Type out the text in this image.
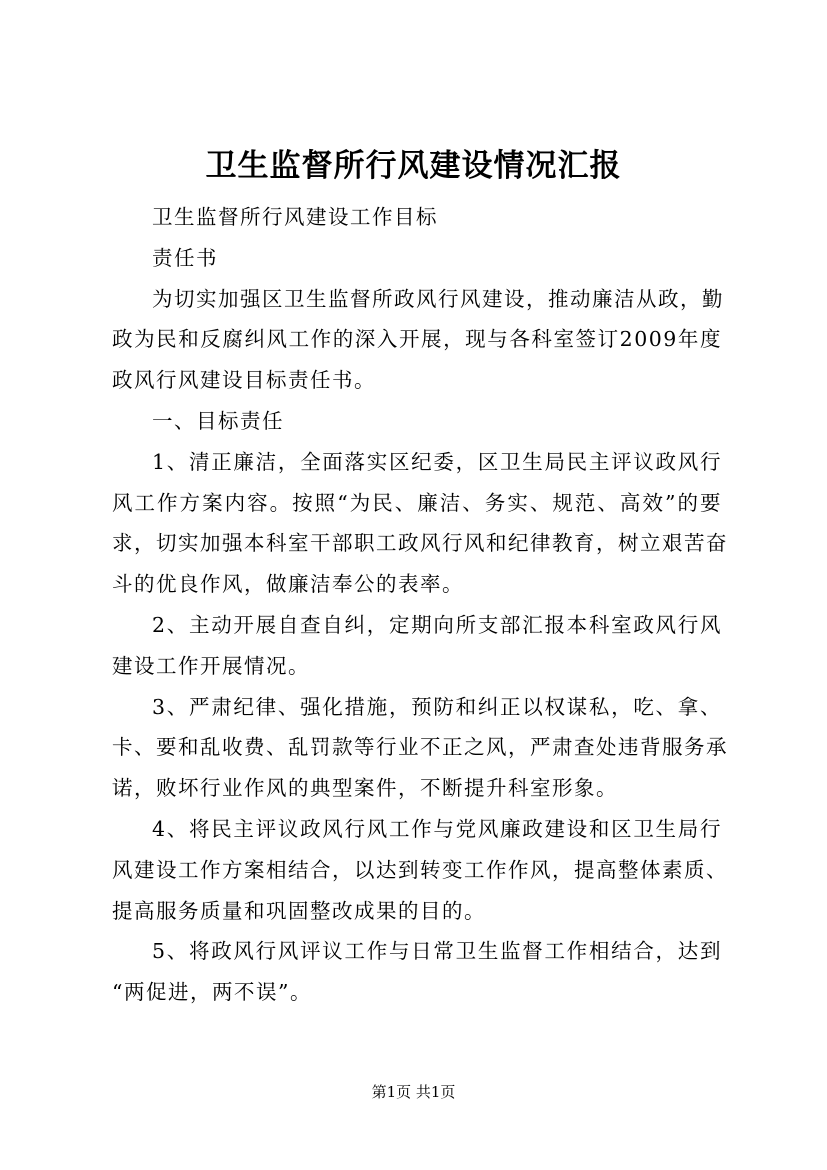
卫生监督所行风建设情况汇报
卫生监督所行风建设工作目标
责任书
为切实加强区卫生监督所政风行风建设，推动廉洁从政，勤
政为民和反腐纠风工作的深入开展，现与各科室签订2009年度
政风行风建设目标责任书。
一、目标责任
1、清正廉洁，全面落实区纪委，区卫生局民主评议政风行
风工作方案内容。按照“为民、廉洁、务实、规范、高效”的要
求，切实加强本科室干部职工政风行风和纪律教育，树立艰苦奋
斗的优良作风，做廉洁奉公的表率。
2、主动开展自查自纠，定期向所支部汇报本科室政风行风
建设工作开展情况。
3、严肃纪律、强化措施，预防和纠正以权谋私，吃、拿、
卡、要和乱收费、乱罚款等行业不正之风，严肃查处违背服务承
诺，败坏行业作风的典型案件，不断提升科室形象。
4、将民主评议政风行风工作与党风廉政建设和区卫生局行
风建设工作方案相结合，以达到转变工作作风，提高整体素质、
提高服务质量和巩固整改成果的目的。
5、将政风行风评议工作与日常卫生监督工作相结合，达到
“两促进，两不误”。
第1页 共1页
